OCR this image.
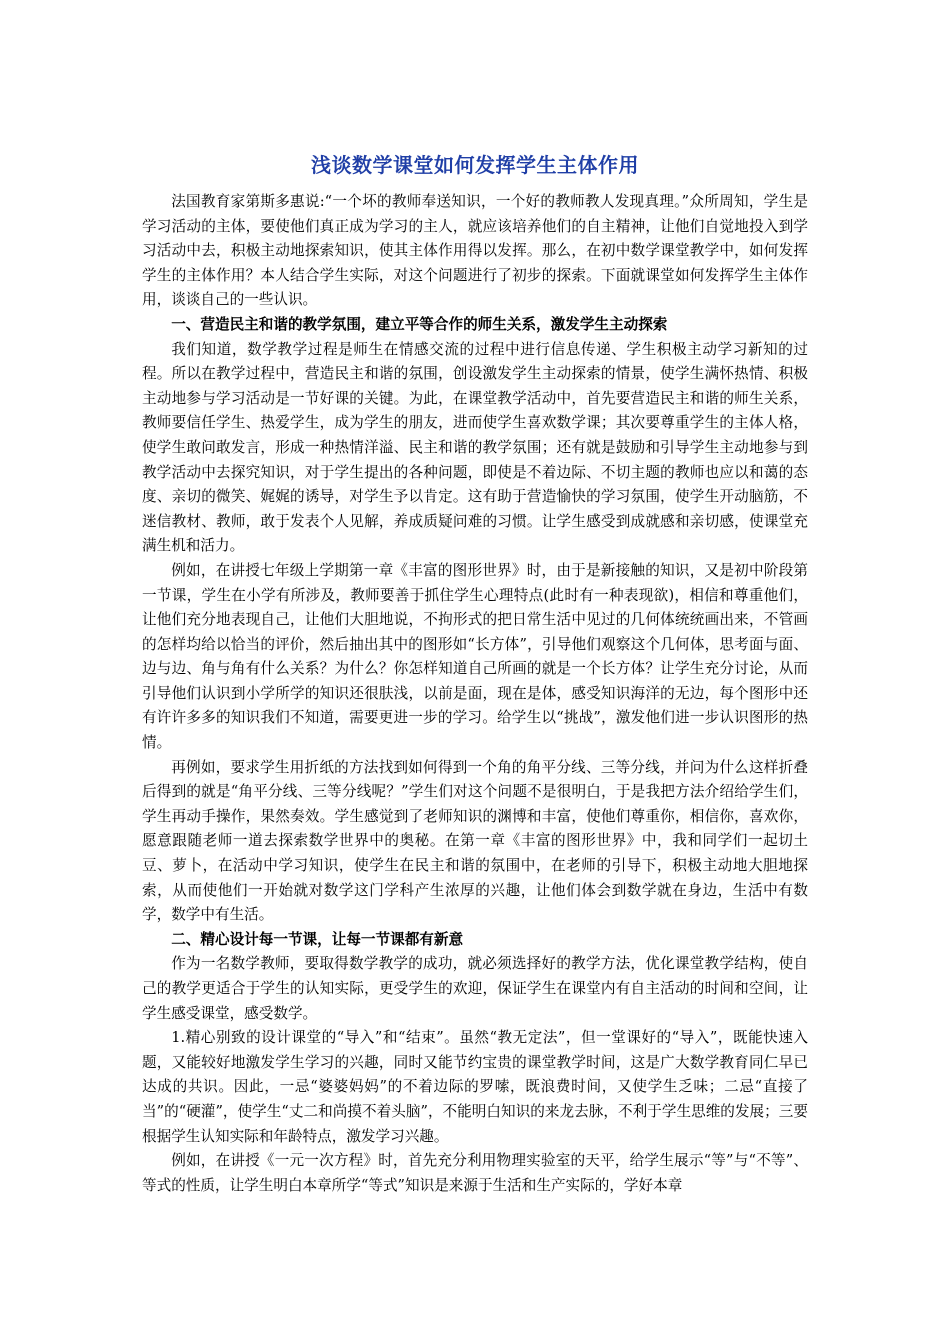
浅谈数学课堂如何发挥学生主体作用

法国教育家第斯多惠说:“一个坏的教师奉送知识，一个好的教师教人发现真理。”众所周知，学生是学习活动的主体，要使他们真正成为学习的主人，就应该培养他们的自主精神，让他们自觉地投入到学习活动中去，积极主动地探索知识，使其主体作用得以发挥。那么，在初中数学课堂教学中，如何发挥学生的主体作用？本人结合学生实际，对这个问题进行了初步的探索。下面就课堂如何发挥学生主体作用，谈谈自己的一些认识。

一、营造民主和谐的教学氛围，建立平等合作的师生关系，激发学生主动探索

我们知道，数学教学过程是师生在情感交流的过程中进行信息传递、学生积极主动学习新知的过程。所以在教学过程中，营造民主和谐的氛围，创设激发学生主动探索的情景，使学生满怀热情、积极主动地参与学习活动是一节好课的关键。为此，在课堂教学活动中，首先要营造民主和谐的师生关系，教师要信任学生、热爱学生，成为学生的朋友，进而使学生喜欢数学课；其次要尊重学生的主体人格，使学生敢问敢发言，形成一种热情洋溢、民主和谐的教学氛围；还有就是鼓励和引导学生主动地参与到教学活动中去探究知识，对于学生提出的各种问题，即使是不着边际、不切主题的教师也应以和蔼的态度、亲切的微笑、娓娓的诱导，对学生予以肯定。这有助于营造愉快的学习氛围，使学生开动脑筋，不迷信教材、教师，敢于发表个人见解，养成质疑问难的习惯。让学生感受到成就感和亲切感，使课堂充满生机和活力。

例如，在讲授七年级上学期第一章《丰富的图形世界》时，由于是新接触的知识，又是初中阶段第一节课，学生在小学有所涉及，教师要善于抓住学生心理特点(此时有一种表现欲)，相信和尊重他们，让他们充分地表现自己，让他们大胆地说，不拘形式的把日常生活中见过的几何体统统画出来，不管画的怎样均给以恰当的评价，然后抽出其中的图形如“长方体”，引导他们观察这个几何体，思考面与面、边与边、角与角有什么关系？为什么？你怎样知道自己所画的就是一个长方体？让学生充分讨论，从而引导他们认识到小学所学的知识还很肤浅，以前是面，现在是体，感受知识海洋的无边，每个图形中还有许许多多的知识我们不知道，需要更进一步的学习。给学生以“挑战”，激发他们进一步认识图形的热情。

再例如，要求学生用折纸的方法找到如何得到一个角的角平分线、三等分线，并问为什么这样折叠后得到的就是“角平分线、三等分线呢？”学生们对这个问题不是很明白，于是我把方法介绍给学生们，学生再动手操作，果然奏效。学生感觉到了老师知识的渊博和丰富，使他们尊重你，相信你，喜欢你，愿意跟随老师一道去探索数学世界中的奥秘。在第一章《丰富的图形世界》中，我和同学们一起切土豆、萝卜，在活动中学习知识，使学生在民主和谐的氛围中，在老师的引导下，积极主动地大胆地探索，从而使他们一开始就对数学这门学科产生浓厚的兴趣，让他们体会到数学就在身边，生活中有数学，数学中有生活。

二、精心设计每一节课，让每一节课都有新意

作为一名数学教师，要取得数学教学的成功，就必须选择好的教学方法，优化课堂教学结构，使自己的教学更适合于学生的认知实际，更受学生的欢迎，保证学生在课堂内有自主活动的时间和空间，让学生感受课堂，感受数学。

1.精心别致的设计课堂的“导入”和“结束”。虽然“教无定法”，但一堂课好的“导入”，既能快速入题，又能较好地激发学生学习的兴趣，同时又能节约宝贵的课堂教学时间，这是广大数学教育同仁早已达成的共识。因此，一忌“婆婆妈妈”的不着边际的罗嗦，既浪费时间，又使学生乏味；二忌“直接了当”的“硬灌”，使学生“丈二和尚摸不着头脑”，不能明白知识的来龙去脉，不利于学生思维的发展；三要根据学生认知实际和年龄特点，激发学习兴趣。

例如，在讲授《一元一次方程》时，首先充分利用物理实验室的天平，给学生展示“等”与“不等”、等式的性质，让学生明白本章所学“等式”知识是来源于生活和生产实际的，学好本章
